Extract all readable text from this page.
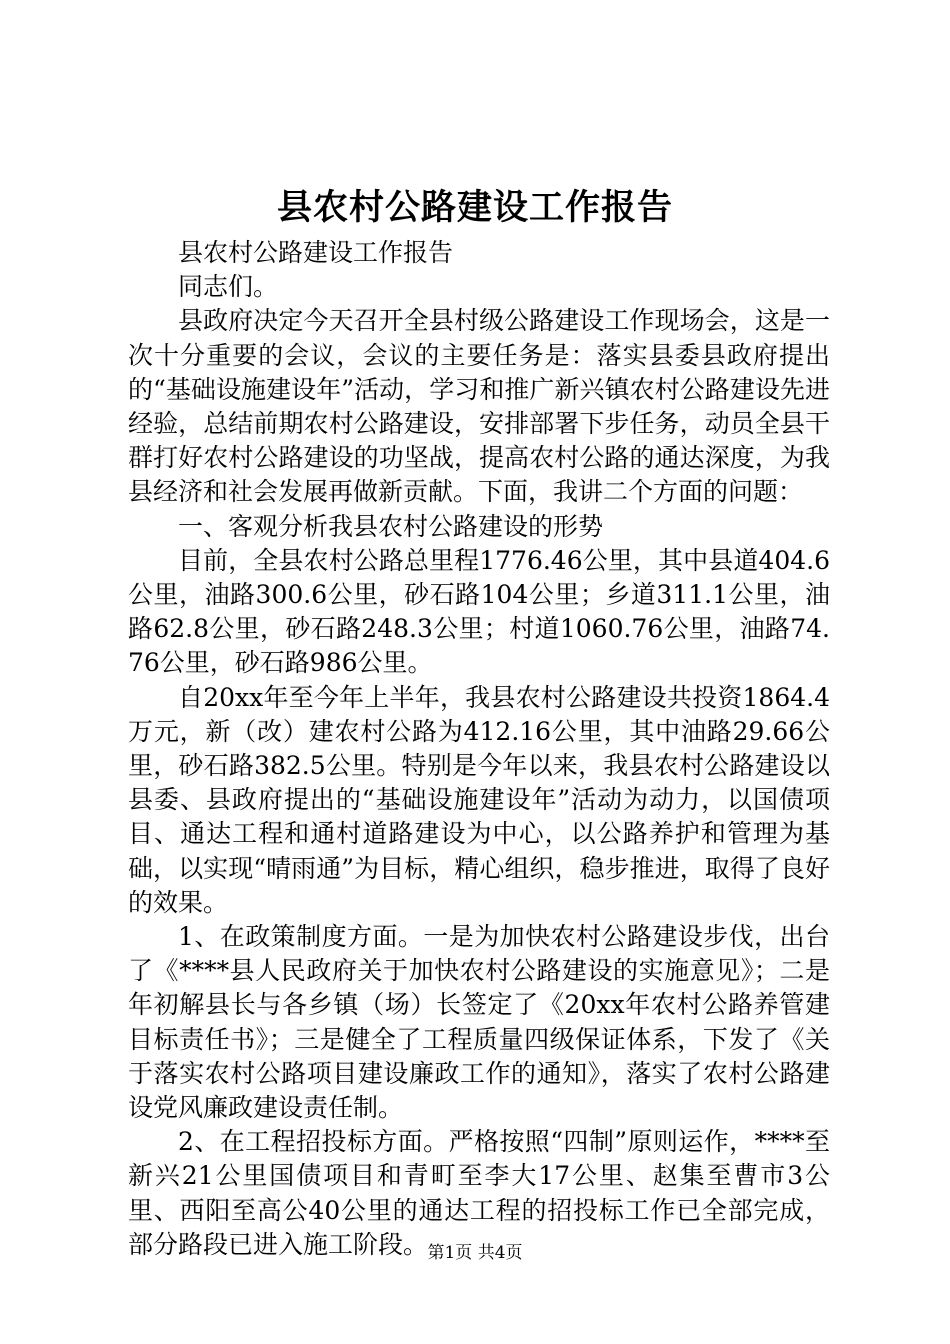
县农村公路建设工作报告

县农村公路建设工作报告

同志们。

县政府决定今天召开全县村级公路建设工作现场会，这是一次十分重要的会议，会议的主要任务是：落实县委县政府提出的“基础设施建设年”活动，学习和推广新兴镇农村公路建设先进经验，总结前期农村公路建设，安排部署下步任务，动员全县干群打好农村公路建设的功坚战，提高农村公路的通达深度，为我县经济和社会发展再做新贡献。下面，我讲二个方面的问题：

一、客观分析我县农村公路建设的形势

目前，全县农村公路总里程1776.46公里，其中县道404.6公里，油路300.6公里，砂石路104公里；乡道311.1公里，油路62.8公里，砂石路248.3公里；村道1060.76公里，油路74.76公里，砂石路986公里。

自20xx年至今年上半年，我县农村公路建设共投资1864.4万元，新（改）建农村公路为412.16公里，其中油路29.66公里，砂石路382.5公里。特别是今年以来，我县农村公路建设以县委、县政府提出的“基础设施建设年”活动为动力，以国债项目、通达工程和通村道路建设为中心，以公路养护和管理为基础，以实现“晴雨通”为目标，精心组织，稳步推进，取得了良好的效果。

1、在政策制度方面。一是为加快农村公路建设步伐，出台了《****县人民政府关于加快农村公路建设的实施意见》；二是年初解县长与各乡镇（场）长签定了《20xx年农村公路养管建目标责任书》；三是健全了工程质量四级保证体系，下发了《关于落实农村公路项目建设廉政工作的通知》，落实了农村公路建设党风廉政建设责任制。

2、在工程招投标方面。严格按照“四制”原则运作，****至新兴21公里国债项目和青町至李大17公里、赵集至曹市3公里、西阳至高公40公里的通达工程的招投标工作已全部完成，部分路段已进入施工阶段。 第1页 共4页
